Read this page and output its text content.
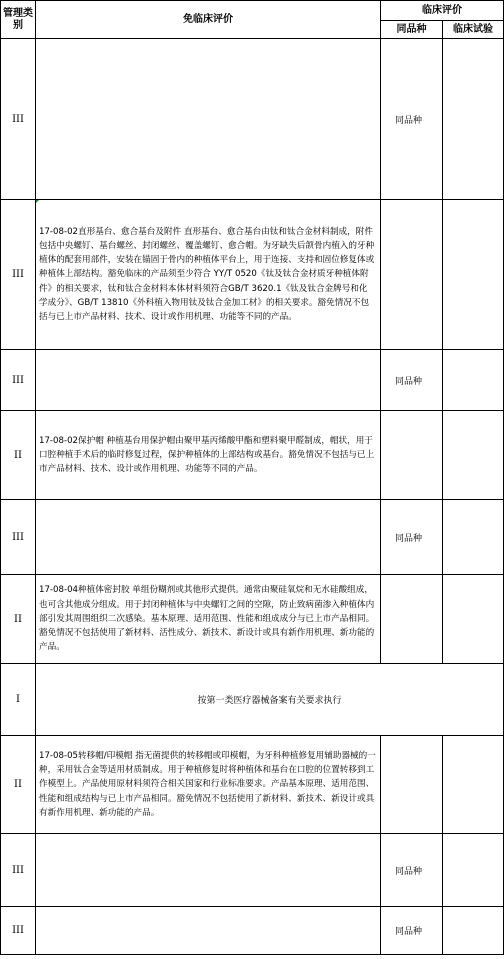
管理类别	免临床评价	临床评价	
		同品种	临床试验
III		同品种	
III	17-08-02直形基台、愈合基台及附件 直形基台、愈合基台由钛和钛合金材料制成，附件包括中央螺钉、基台螺丝、封闭螺丝、覆盖螺钉、愈合帽。为牙缺失后颌骨内植入的牙种植体的配套用部件，安装在锚固于骨内的种植体平台上，用于连接、支持和固位修复体或种植体上部结构。豁免临床的产品须至少符合 YY/T 0520《钛及钛合金材质牙种植体附件》的相关要求，钛和钛合金材料本体材料须符合GB/T 3620.1《钛及钛合金牌号和化学成分》、GB/T 13810《外科植入物用钛及钛合金加工材》的相关要求。豁免情况不包括与已上市产品材料、技术、设计或作用机理、功能等不同的产品。		
III		同品种	
II	17-08-02保护帽 种植基台用保护帽由聚甲基丙烯酸甲酯和塑料聚甲醛制成，帽状，用于口腔种植手术后的临时修复过程，保护种植体的上部结构或基台。豁免情况不包括与已上市产品材料、技术、设计或作用机理、功能等不同的产品。		
III		同品种	
II	17-08-04种植体密封胶 单组份糊剂或其他形式提供。通常由聚硅氧烷和无水硅酸组成，也可含其他成分组成。用于封闭种植体与中央螺钉之间的空隙，防止致病菌渗入种植体内部引发其周围组织二次感染。基本原理、适用范围、性能和组成成分与已上市产品相同。豁免情况不包括使用了新材料、活性成分、新技术、新设计或具有新作用机理、新功能的产品。		
I	按第一类医疗器械备案有关要求执行		
II	17-08-05转移帽/印模帽 指无菌提供的转移帽或印模帽，为牙科种植修复用辅助器械的一种，采用钛合金等适用材质制成。用于种植修复时将种植体和基台在口腔的位置转移到工作模型上。产品使用原材料须符合相关国家和行业标准要求。产品基本原理、适用范围、性能和组成结构与已上市产品相同。豁免情况不包括使用了新材料、新技术、新设计或具有新作用机理、新功能的产品。		
III		同品种	
III		同品种	
